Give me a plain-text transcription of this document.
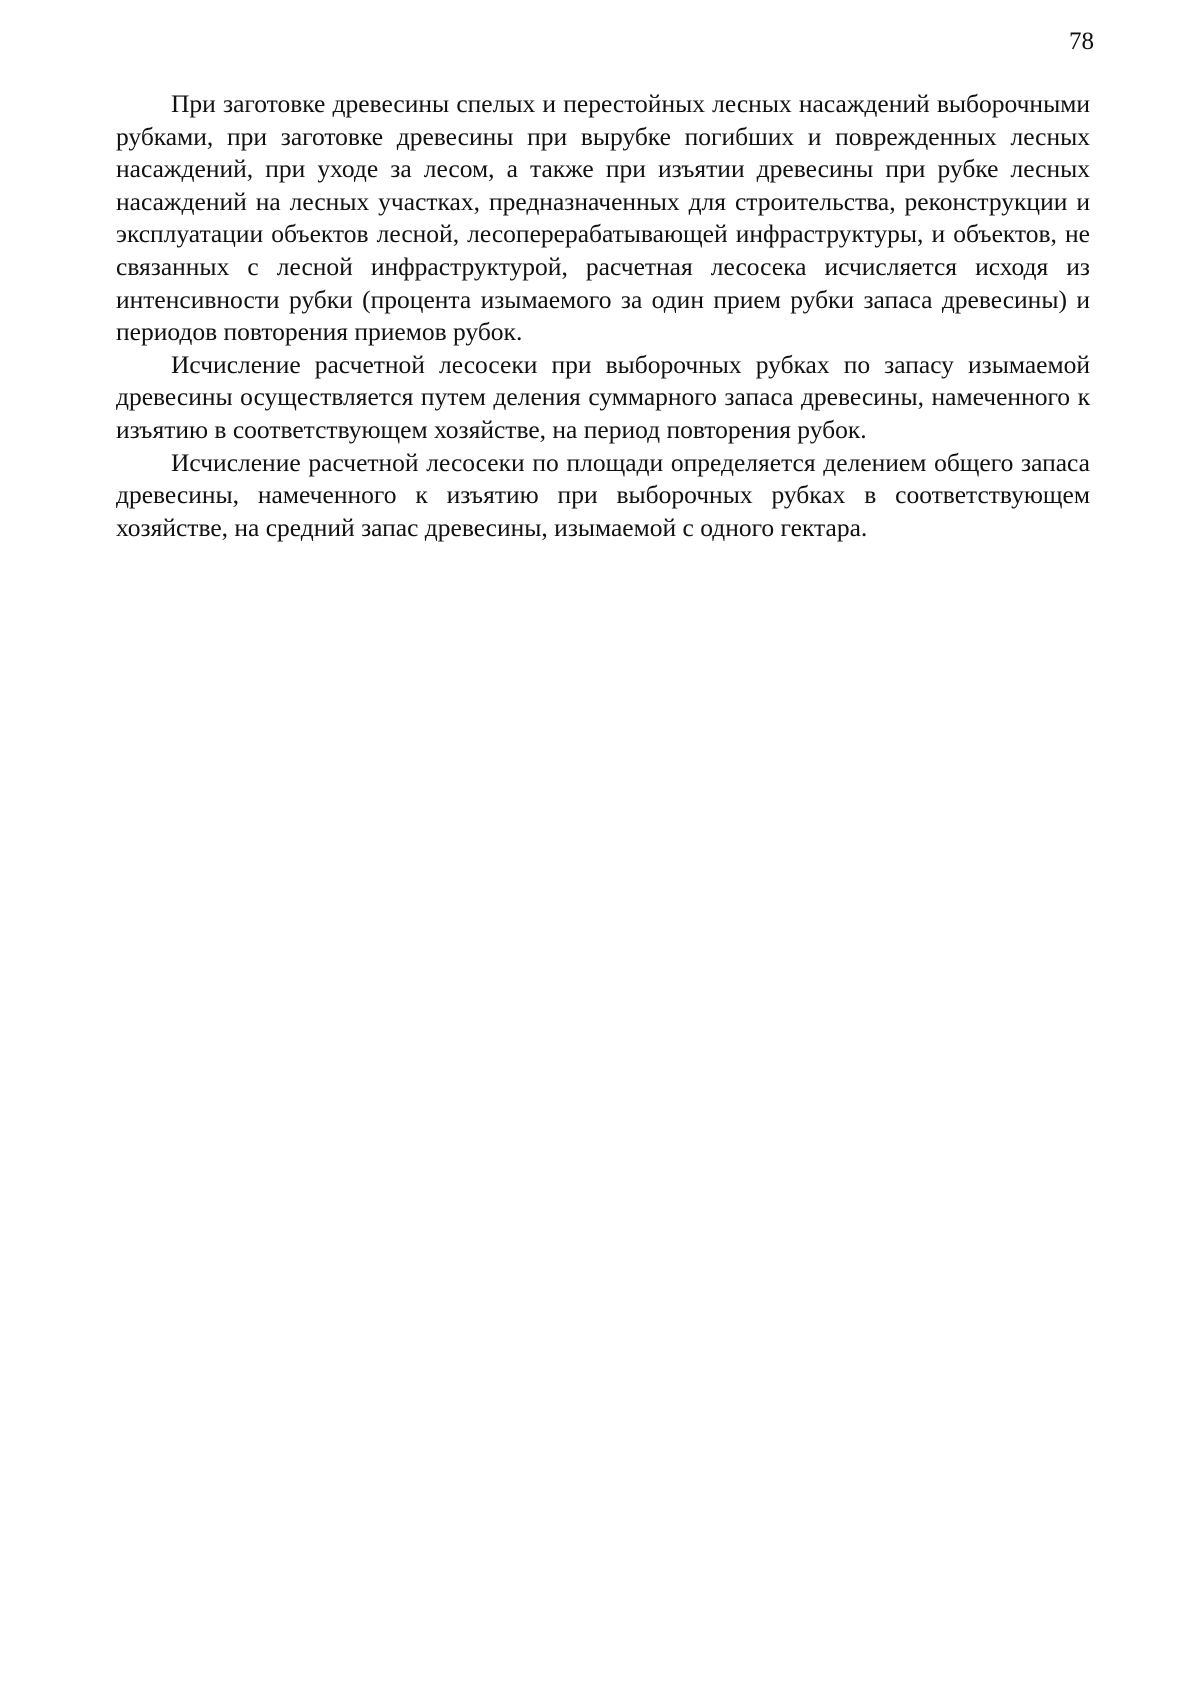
78

При заготовке древесины спелых и перестойных лесных насаждений выборочными рубками, при заготовке древесины при вырубке погибших и поврежденных лесных насаждений, при уходе за лесом, а также при изъятии древесины при рубке лесных насаждений на лесных участках, предназначенных для строительства, реконструкции и эксплуатации объектов лесной, лесоперерабатывающей инфраструктуры, и объектов, не связанных с лесной инфраструктурой, расчетная лесосека исчисляется исходя из интенсивности рубки (процента изымаемого за один прием рубки запаса древесины) и периодов повторения приемов рубок.

Исчисление расчетной лесосеки при выборочных рубках по запасу изымаемой древесины осуществляется путем деления суммарного запаса древесины, намеченного к изъятию в соответствующем хозяйстве, на период повторения рубок.

Исчисление расчетной лесосеки по площади определяется делением общего запаса древесины, намеченного к изъятию при выборочных рубках в соответствующем хозяйстве, на средний запас древесины, изымаемой с одного гектара.
